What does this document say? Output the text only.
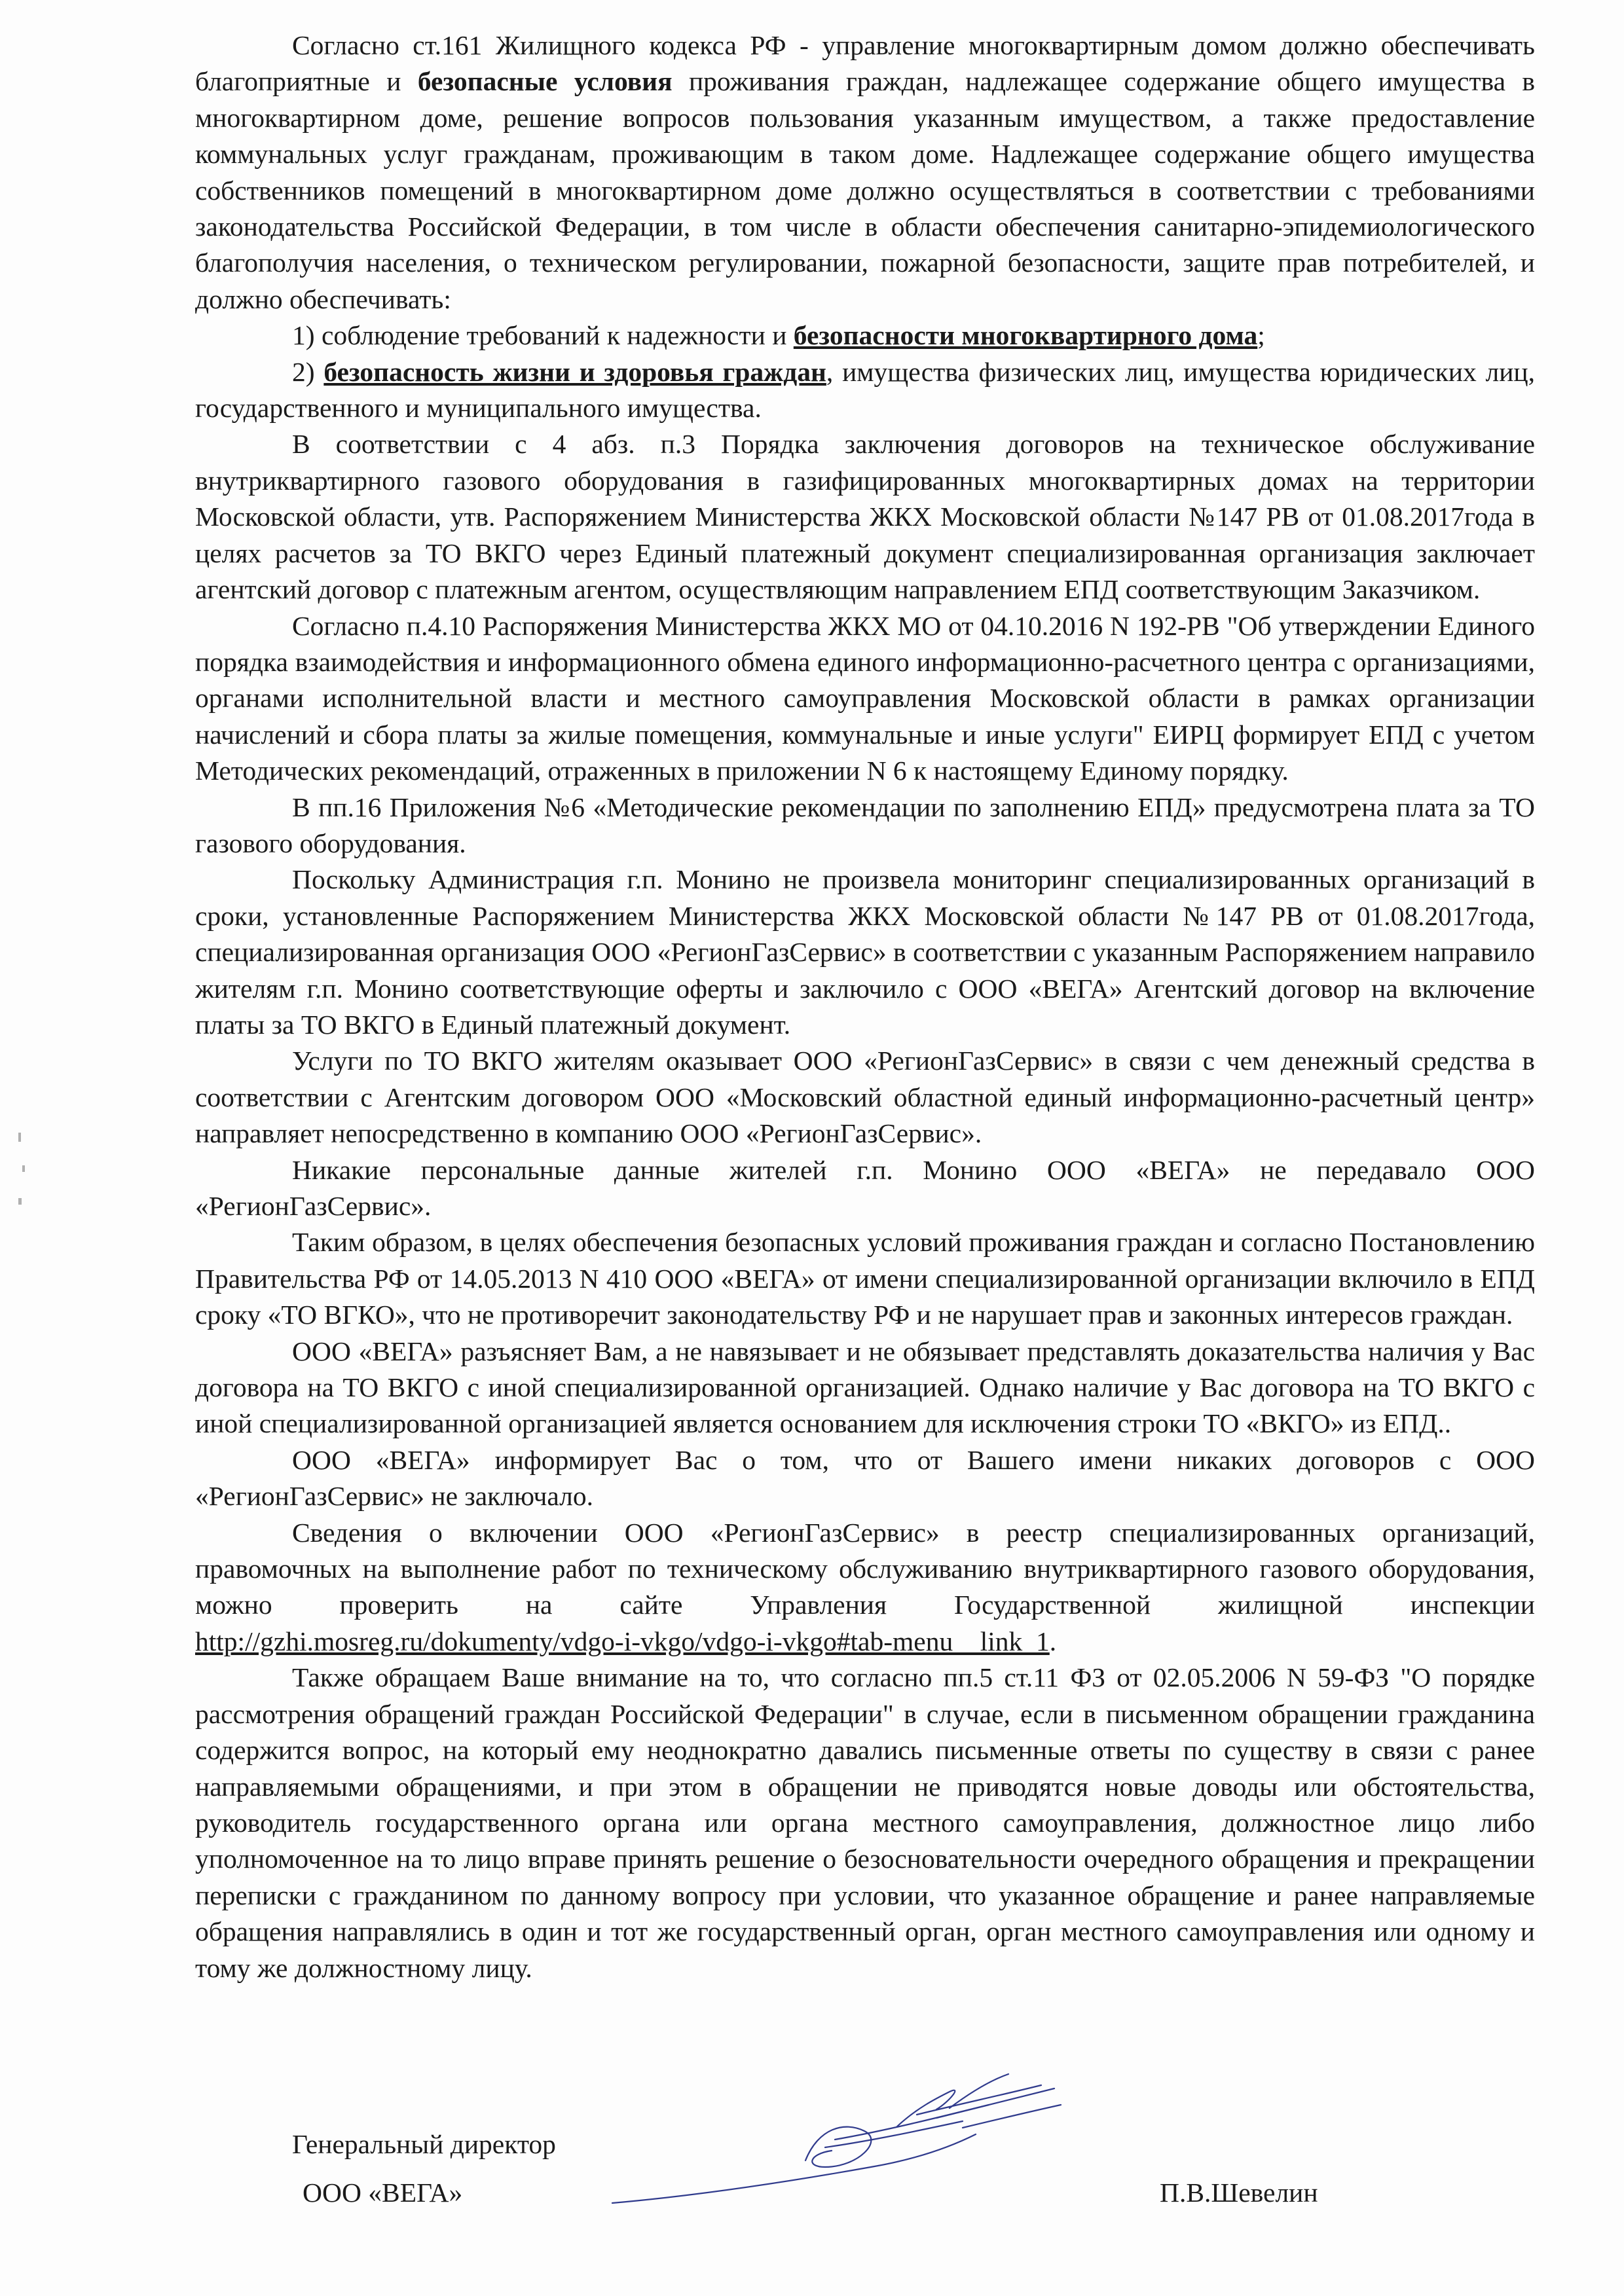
Согласно ст.161 Жилищного кодекса РФ - управление многоквартирным домом должно обеспечивать благоприятные и безопасные условия проживания граждан, надлежащее содержание общего имущества в многоквартирном доме, решение вопросов пользования указанным имуществом, а также предоставление коммунальных услуг гражданам, проживающим в таком доме. Надлежащее содержание общего имущества собственников помещений в многоквартирном доме должно осуществляться в соответствии с требованиями законодательства Российской Федерации, в том числе в области обеспечения санитарно-эпидемиологического благополучия населения, о техническом регулировании, пожарной безопасности, защите прав потребителей, и должно обеспечивать:

1) соблюдение требований к надежности и безопасности многоквартирного дома;

2) безопасность жизни и здоровья граждан, имущества физических лиц, имущества юридических лиц, государственного и муниципального имущества.

В соответствии с 4 абз. п.3 Порядка заключения договоров на техническое обслуживание внутриквартирного газового оборудования в газифицированных многоквартирных домах на территории Московской области, утв. Распоряжением Министерства ЖКХ Московской области №147 РВ от 01.08.2017года в целях расчетов за ТО ВКГО через Единый платежный документ специализированная организация заключает агентский договор с платежным агентом, осуществляющим направлением ЕПД соответствующим Заказчиком.

Согласно п.4.10 Распоряжения Министерства ЖКХ МО от 04.10.2016 N 192-РВ "Об утверждении Единого порядка взаимодействия и информационного обмена единого информационно-расчетного центра с организациями, органами исполнительной власти и местного самоуправления Московской области в рамках организации начислений и сбора платы за жилые помещения, коммунальные и иные услуги" ЕИРЦ формирует ЕПД с учетом Методических рекомендаций, отраженных в приложении N 6 к настоящему Единому порядку.

В пп.16 Приложения №6 «Методические рекомендации по заполнению ЕПД» предусмотрена плата за ТО газового оборудования.

Поскольку Администрация г.п. Монино не произвела мониторинг специализированных организаций в сроки, установленные Распоряжением Министерства ЖКХ Московской области №147 РВ от 01.08.2017года, специализированная организация ООО «РегионГазСервис» в соответствии с указанным Распоряжением направило жителям г.п. Монино соответствующие оферты и заключило с ООО «ВЕГА» Агентский договор на включение платы за ТО ВКГО в Единый платежный документ.

Услуги по ТО ВКГО жителям оказывает ООО «РегионГазСервис» в связи с чем денежный средства в соответствии с Агентским договором ООО «Московский областной единый информационно-расчетный центр» направляет непосредственно в компанию ООО «РегионГазСервис».

Никакие персональные данные жителей г.п. Монино ООО «ВЕГА» не передавало ООО «РегионГазСервис».

Таким образом, в целях обеспечения безопасных условий проживания граждан и согласно Постановлению Правительства РФ от 14.05.2013 N 410 ООО «ВЕГА» от имени специализированной организации включило в ЕПД сроку «ТО ВГКО», что не противоречит законодательству РФ и не нарушает прав и законных интересов граждан.

ООО «ВЕГА» разъясняет Вам, а не навязывает и не обязывает представлять доказательства наличия у Вас договора на ТО ВКГО с иной специализированной организацией. Однако наличие у Вас договора на ТО ВКГО с иной специализированной организацией является основанием для исключения строки ТО «ВКГО» из ЕПД..

ООО «ВЕГА» информирует Вас о том, что от Вашего имени никаких договоров с ООО «РегионГазСервис» не заключало.

Сведения о включении ООО «РегионГазСервис» в реестр специализированных организаций, правомочных на выполнение работ по техническому обслуживанию внутриквартирного газового оборудования, можно проверить на сайте Управления Государственной жилищной инспекции http://gzhi.mosreg.ru/dokumenty/vdgo-i-vkgo/vdgo-i-vkgo#tab-menu__link_1.

Также обращаем Ваше внимание на то, что согласно пп.5 ст.11 ФЗ от 02.05.2006 N 59-ФЗ "О порядке рассмотрения обращений граждан Российской Федерации" в случае, если в письменном обращении гражданина содержится вопрос, на который ему неоднократно давались письменные ответы по существу в связи с ранее направляемыми обращениями, и при этом в обращении не приводятся новые доводы или обстоятельства, руководитель государственного органа или органа местного самоуправления, должностное лицо либо уполномоченное на то лицо вправе принять решение о безосновательности очередного обращения и прекращении переписки с гражданином по данному вопросу при условии, что указанное обращение и ранее направляемые обращения направлялись в один и тот же государственный орган, орган местного самоуправления или одному и тому же должностному лицу.

Генеральный директор
ООО «ВЕГА»	П.В.Шевелин
